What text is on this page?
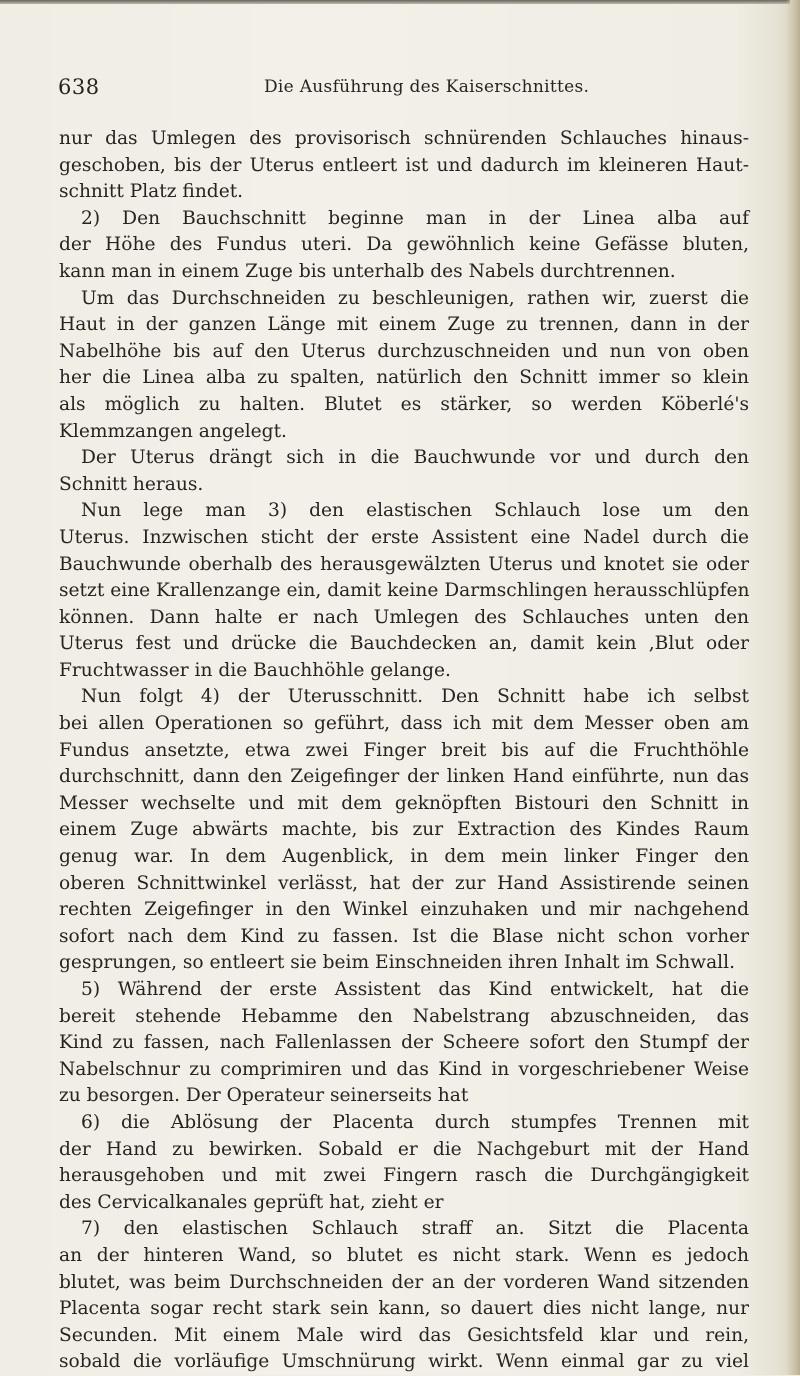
638	Die Ausführung des Kaiserschnittes.
nur das Umlegen des provisorisch schnürenden Schlauches hinaus-
geschoben, bis der Uterus entleert ist und dadurch im kleineren Haut-
schnitt Platz findet.
2) Den Bauchschnitt beginne man in der Linea alba auf
der Höhe des Fundus uteri. Da gewöhnlich keine Gefässe bluten,
kann man in einem Zuge bis unterhalb des Nabels durchtrennen.
Um das Durchschneiden zu beschleunigen, rathen wir, zuerst die
Haut in der ganzen Länge mit einem Zuge zu trennen, dann in der
Nabelhöhe bis auf den Uterus durchzuschneiden und nun von oben
her die Linea alba zu spalten, natürlich den Schnitt immer so klein
als möglich zu halten. Blutet es stärker, so werden Köberlé's
Klemmzangen angelegt.
Der Uterus drängt sich in die Bauchwunde vor und durch den
Schnitt heraus.
Nun lege man 3) den elastischen Schlauch lose um den
Uterus. Inzwischen sticht der erste Assistent eine Nadel durch die
Bauchwunde oberhalb des herausgewälzten Uterus und knotet sie oder
setzt eine Krallenzange ein, damit keine Darmschlingen herausschlüpfen
können. Dann halte er nach Umlegen des Schlauches unten den
Uterus fest und drücke die Bauchdecken an, damit kein ,Blut oder
Fruchtwasser in die Bauchhöhle gelange.
Nun folgt 4) der Uterusschnitt. Den Schnitt habe ich selbst
bei allen Operationen so geführt, dass ich mit dem Messer oben am
Fundus ansetzte, etwa zwei Finger breit bis auf die Fruchthöhle
durchschnitt, dann den Zeigefinger der linken Hand einführte, nun das
Messer wechselte und mit dem geknöpften Bistouri den Schnitt in
einem Zuge abwärts machte, bis zur Extraction des Kindes Raum
genug war. In dem Augenblick, in dem mein linker Finger den
oberen Schnittwinkel verlässt, hat der zur Hand Assistirende seinen
rechten Zeigefinger in den Winkel einzuhaken und mir nachgehend
sofort nach dem Kind zu fassen. Ist die Blase nicht schon vorher
gesprungen, so entleert sie beim Einschneiden ihren Inhalt im Schwall.
5) Während der erste Assistent das Kind entwickelt, hat die
bereit stehende Hebamme den Nabelstrang abzuschneiden, das
Kind zu fassen, nach Fallenlassen der Scheere sofort den Stumpf der
Nabelschnur zu comprimiren und das Kind in vorgeschriebener Weise
zu besorgen. Der Operateur seinerseits hat
6) die Ablösung der Placenta durch stumpfes Trennen mit
der Hand zu bewirken. Sobald er die Nachgeburt mit der Hand
herausgehoben und mit zwei Fingern rasch die Durchgängigkeit
des Cervicalkanales geprüft hat, zieht er
7) den elastischen Schlauch straff an. Sitzt die Placenta
an der hinteren Wand, so blutet es nicht stark. Wenn es jedoch
blutet, was beim Durchschneiden der an der vorderen Wand sitzenden
Placenta sogar recht stark sein kann, so dauert dies nicht lange, nur
Secunden. Mit einem Male wird das Gesichtsfeld klar und rein,
sobald die vorläufige Umschnürung wirkt. Wenn einmal gar zu viel
